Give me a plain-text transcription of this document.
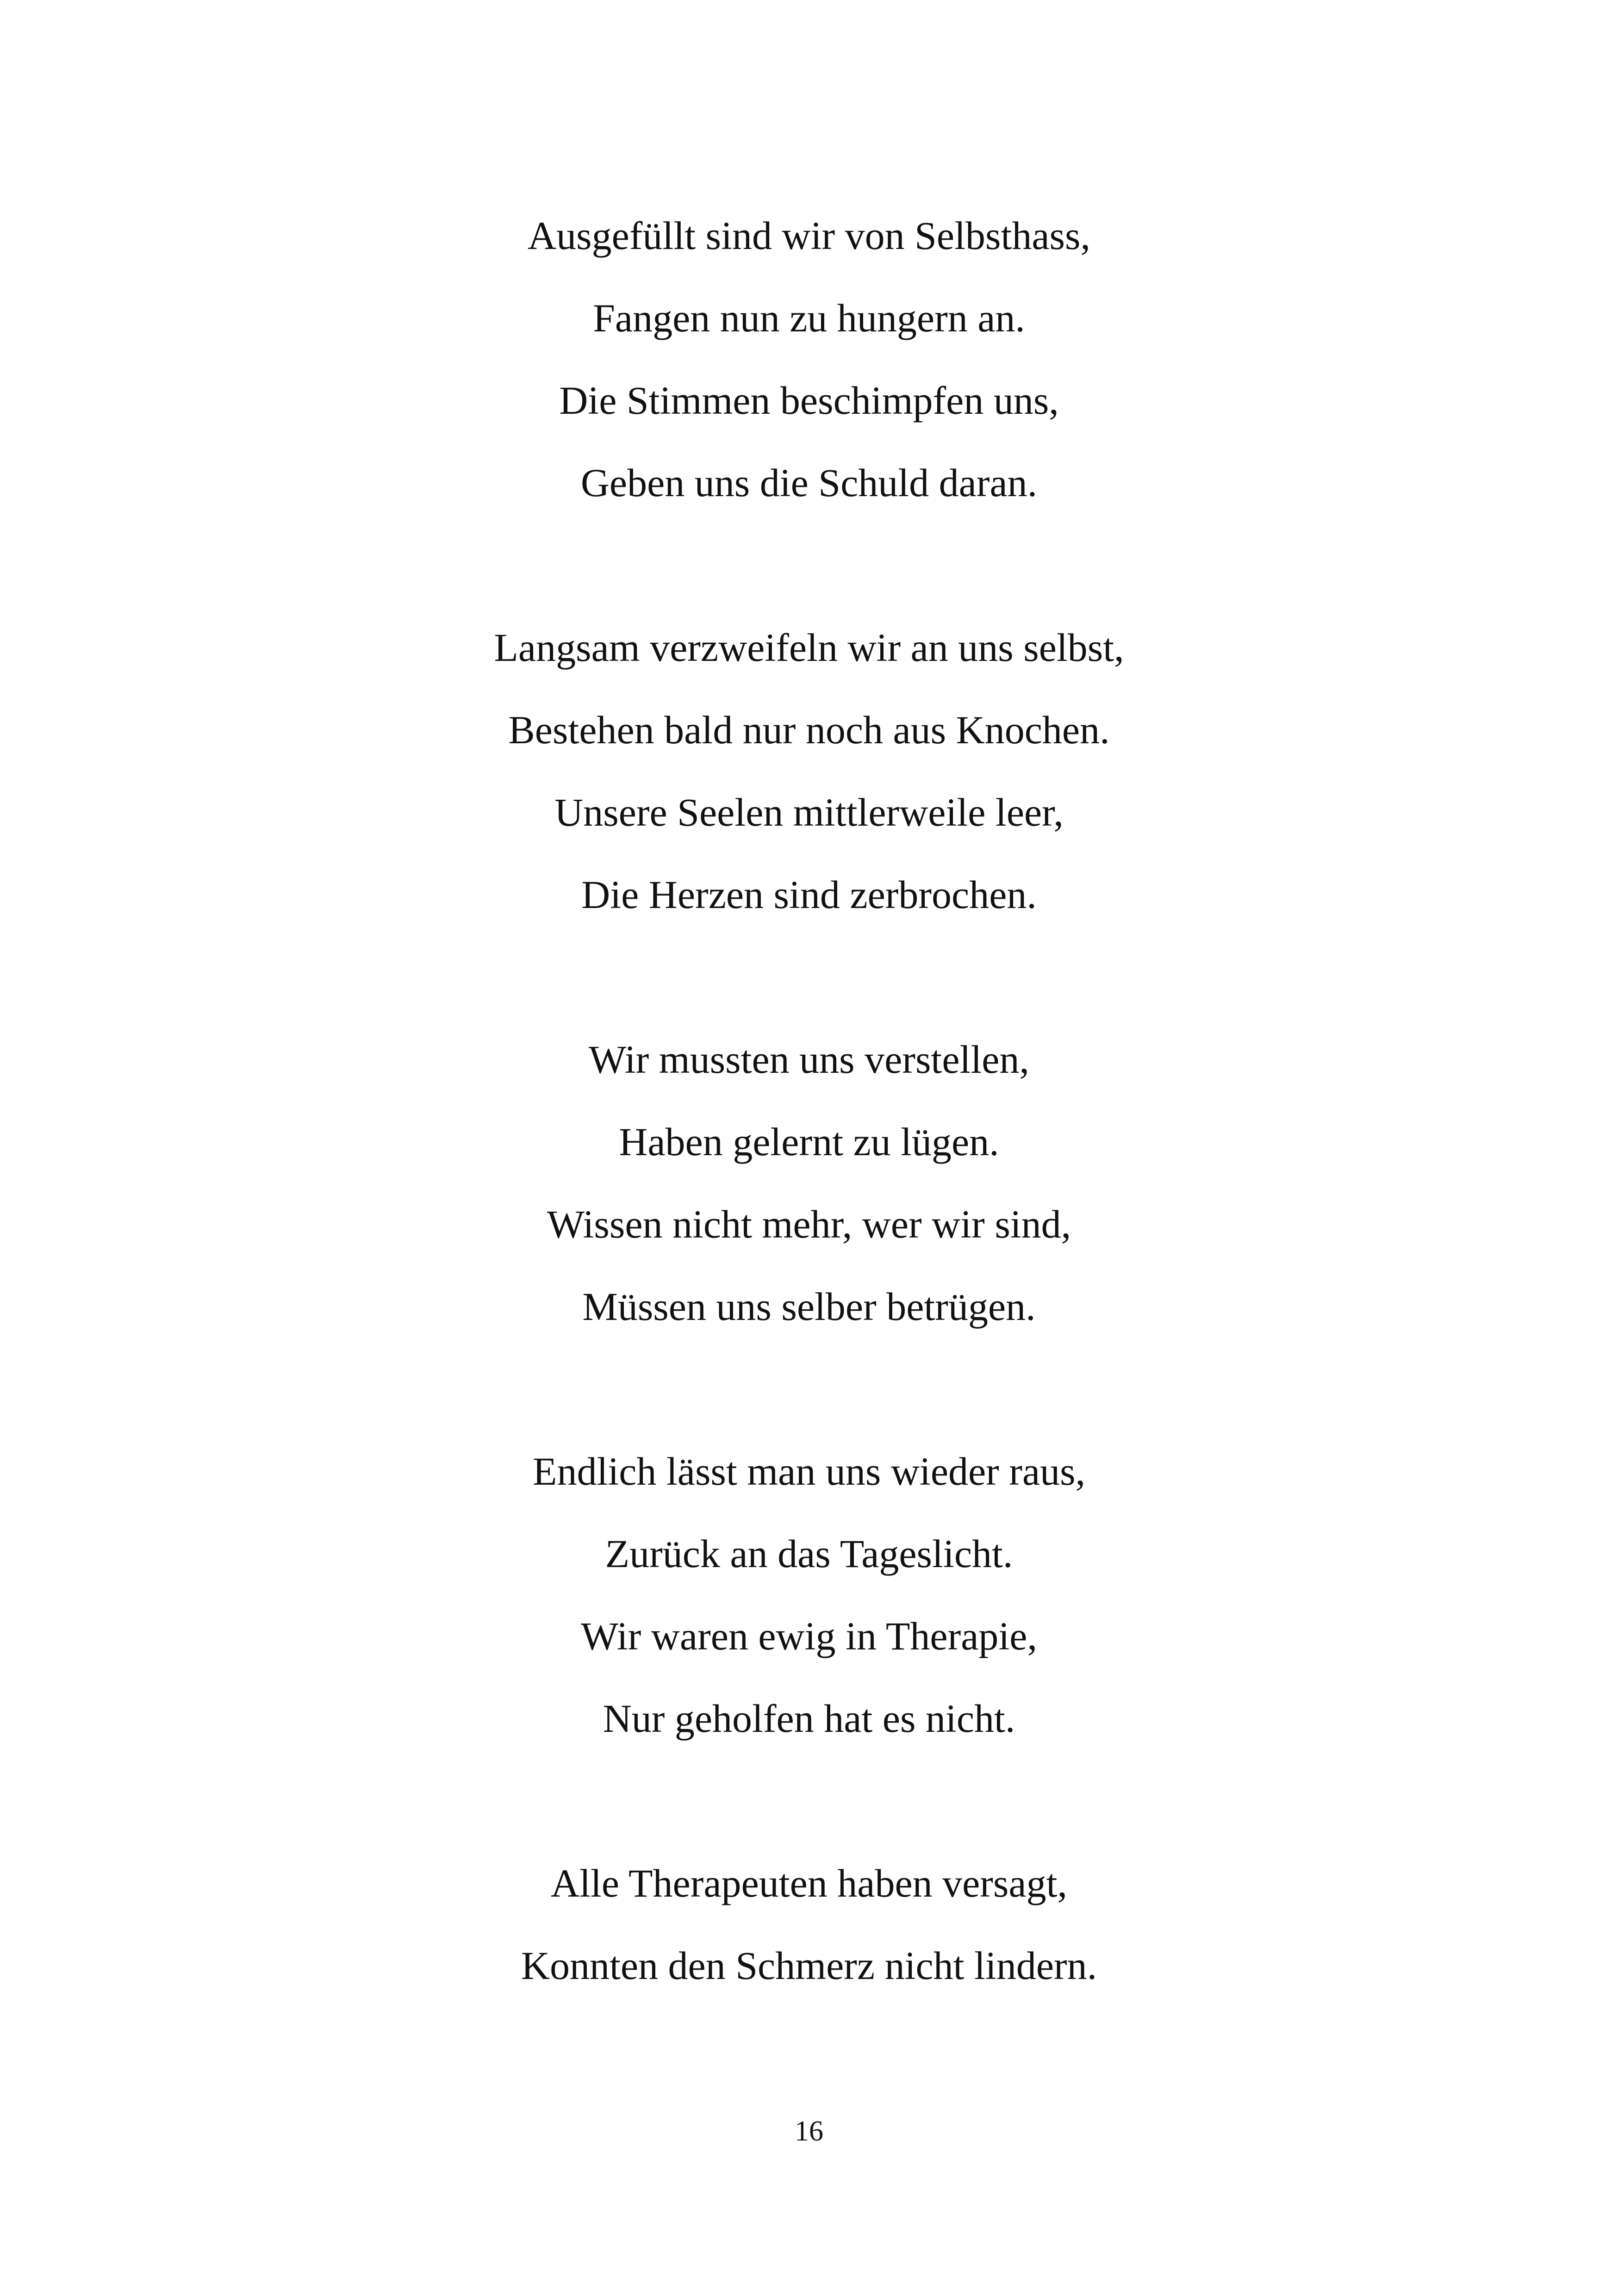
Ausgefüllt sind wir von Selbsthass,
Fangen nun zu hungern an.
Die Stimmen beschimpfen uns,
Geben uns die Schuld daran.
Langsam verzweifeln wir an uns selbst,
Bestehen bald nur noch aus Knochen.
Unsere Seelen mittlerweile leer,
Die Herzen sind zerbrochen.
Wir mussten uns verstellen,
Haben gelernt zu lügen.
Wissen nicht mehr, wer wir sind,
Müssen uns selber betrügen.
Endlich lässt man uns wieder raus,
Zurück an das Tageslicht.
Wir waren ewig in Therapie,
Nur geholfen hat es nicht.
Alle Therapeuten haben versagt,
Konnten den Schmerz nicht lindern.
16
